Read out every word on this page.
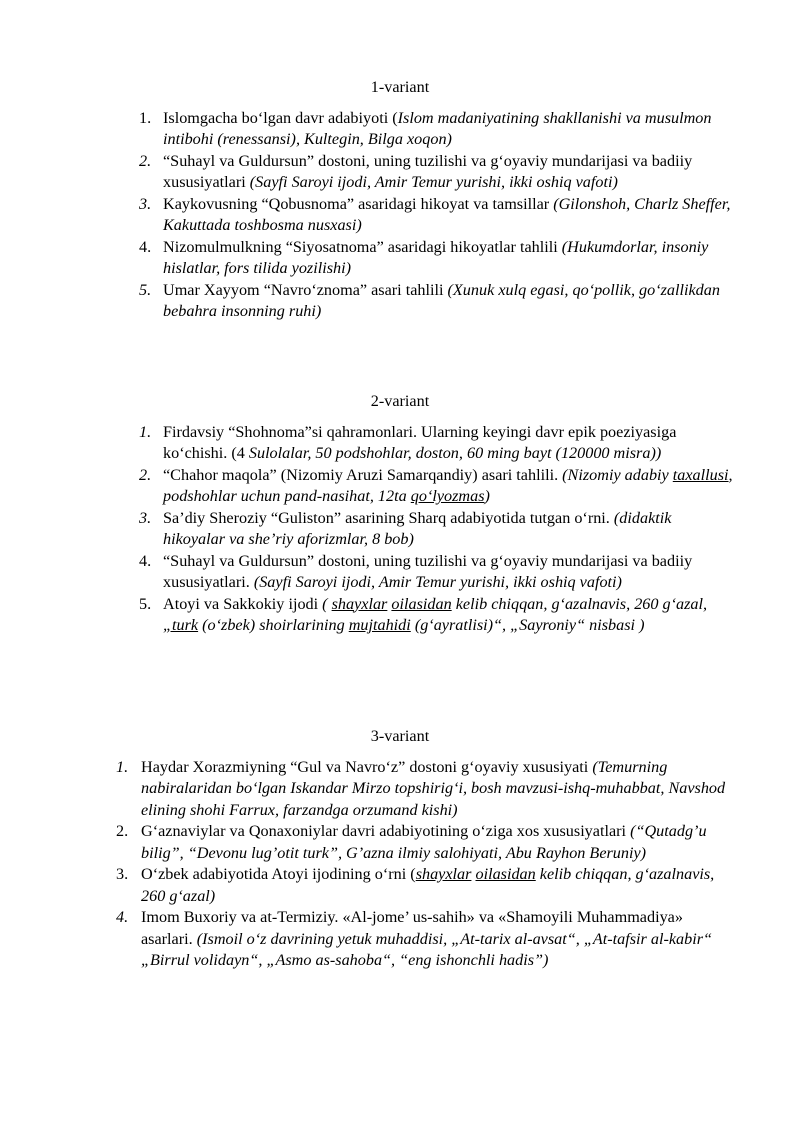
1-variant
1. Islomgacha bo‘lgan davr adabiyoti (Islom madaniyatining shakllanishi va musulmon intibohi (renessansi), Kultegin, Bilga xoqon)
2. “Suhayl va Guldursun” dostoni, uning tuzilishi va g‘oyaviy mundarijasi va badiiy xususiyatlari (Sayfi Saroyi ijodi, Amir Temur yurishi, ikki oshiq vafoti)
3. Kaykovusning “Qobusnoma” asaridagi hikoyat va tamsillar (Gilonshoh, Charlz Sheffer, Kakuttada toshbosma nusxasi)
4. Nizomulmulkning “Siyosatnoma” asaridagi hikoyatlar tahlili (Hukumdorlar, insoniy hislatlar, fors tilida yozilishi)
5. Umar Xayyom “Navro‘znoma” asari tahlili (Xunuk xulq egasi, qo‘pollik, go‘zallikdan bebahra insonning ruhi)
2-variant
1. Firdavsiy “Shohnoma”si qahramonlari. Ularning keyingi davr epik poeziyasiga ko‘chishi. (4 Sulolalar, 50 podshohlar, doston, 60 ming bayt (120000 misra))
2. “Chahor maqola” (Nizomiy Aruzi Samarqandiy) asari tahlili. (Nizomiy adabiy taxallusi, podshohlar uchun pand-nasihat, 12ta qo‘lyozmas)
3. Sa’diy Sheroziy “Guliston” asarining Sharq adabiyotida tutgan o‘rni. (didaktik hikoyalar va she’riy aforizmlar, 8 bob)
4. “Suhayl va Guldursun” dostoni, uning tuzilishi va g‘oyaviy mundarijasi va badiiy xususiyatlari. (Sayfi Saroyi ijodi, Amir Temur yurishi, ikki oshiq vafoti)
5. Atoyi va Sakkokiy ijodi ( shayxlar oilasidan kelib chiqqan, g‘azalnavis, 260 g‘azal, „turk (o‘zbek) shoirlarining mujtahidi (g‘ayratlisi)“, „Sayroniy“ nisbasi )
3-variant
1. Haydar Xorazmiyning “Gul va Navro‘z” dostoni g‘oyaviy xususiyati (Temurning nabiralaridan bo‘lgan Iskandar Mirzo topshirig‘i, bosh mavzusi-ishq-muhabbat, Navshod elining shohi Farrux, farzandga orzumand kishi)
2. G‘aznaviylar va Qonaxoniylar davri adabiyotining o‘ziga xos xususiyatlari (“Qutadg’u bilig”, “Devonu lug’otit turk”, G’azna ilmiy salohiyati, Abu Rayhon Beruniy)
3. O‘zbek adabiyotida Atoyi ijodining o‘rni (shayxlar oilasidan kelib chiqqan, g‘azalnavis, 260 g‘azal)
4. Imom Buxoriy va at-Termiziy. «Al-jome’ us-sahih» va «Shamoyili Muhammadiya» asarlari. (Ismoil o‘z davrining yetuk muhaddisi, „At-tarix al-avsat“, „At-tafsir al-kabir“ „Birrul volidayn“, „Asmo as-sahoba“, “eng ishonchli hadis”)
